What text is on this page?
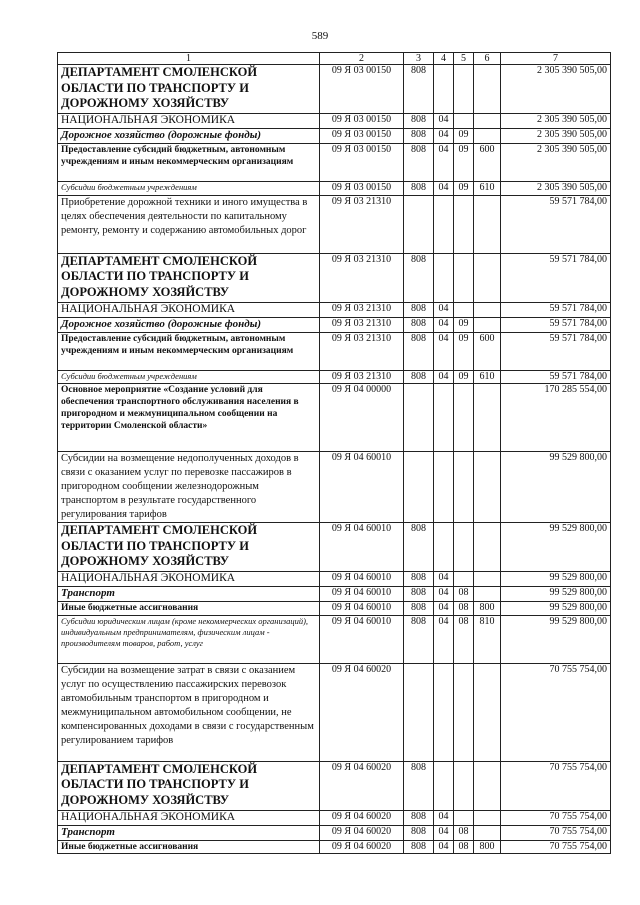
589
1	2	3	4	5	6	7
ДЕПАРТАМЕНТ СМОЛЕНСКОЙ ОБЛАСТИ ПО ТРАНСПОРТУ И ДОРОЖНОМУ ХОЗЯЙСТВУ	09 Я 03 00150	808				2 305 390 505,00
НАЦИОНАЛЬНАЯ ЭКОНОМИКА	09 Я 03 00150	808	04			2 305 390 505,00
Дорожное хозяйство (дорожные фонды)	09 Я 03 00150	808	04	09		2 305 390 505,00
Предоставление субсидий бюджетным, автономным учреждениям и иным некоммерческим организациям	09 Я 03 00150	808	04	09	600	2 305 390 505,00
Субсидии бюджетным учреждениям	09 Я 03 00150	808	04	09	610	2 305 390 505,00
Приобретение дорожной техники и иного имущества в целях обеспечения деятельности по капитальному ремонту, ремонту и содержанию автомобильных дорог	09 Я 03 21310					59 571 784,00
ДЕПАРТАМЕНТ СМОЛЕНСКОЙ ОБЛАСТИ ПО ТРАНСПОРТУ И ДОРОЖНОМУ ХОЗЯЙСТВУ	09 Я 03 21310	808				59 571 784,00
НАЦИОНАЛЬНАЯ ЭКОНОМИКА	09 Я 03 21310	808	04			59 571 784,00
Дорожное хозяйство (дорожные фонды)	09 Я 03 21310	808	04	09		59 571 784,00
Предоставление субсидий бюджетным, автономным учреждениям и иным некоммерческим организациям	09 Я 03 21310	808	04	09	600	59 571 784,00
Субсидии бюджетным учреждениям	09 Я 03 21310	808	04	09	610	59 571 784,00
Основное мероприятие «Создание условий для обеспечения транспортного обслуживания населения в пригородном и межмуниципальном сообщении на территории Смоленской области»	09 Я 04 00000					170 285 554,00
Субсидии на возмещение недополученных доходов в связи с оказанием услуг по перевозке пассажиров в пригородном сообщении железнодорожным транспортом в результате государственного регулирования тарифов	09 Я 04 60010					99 529 800,00
ДЕПАРТАМЕНТ СМОЛЕНСКОЙ ОБЛАСТИ ПО ТРАНСПОРТУ И ДОРОЖНОМУ ХОЗЯЙСТВУ	09 Я 04 60010	808				99 529 800,00
НАЦИОНАЛЬНАЯ ЭКОНОМИКА	09 Я 04 60010	808	04			99 529 800,00
Транспорт	09 Я 04 60010	808	04	08		99 529 800,00
Иные бюджетные ассигнования	09 Я 04 60010	808	04	08	800	99 529 800,00
Субсидии юридическим лицам (кроме некоммерческих организаций), индивидуальным предпринимателям, физическим лицам - производителям товаров, работ, услуг	09 Я 04 60010	808	04	08	810	99 529 800,00
Субсидии на возмещение затрат в связи с оказанием услуг по осуществлению пассажирских перевозок автомобильным транспортом в пригородном и межмуниципальном автомобильном сообщении, не компенсированных доходами в связи с государственным регулированием тарифов	09 Я 04 60020					70 755 754,00
ДЕПАРТАМЕНТ СМОЛЕНСКОЙ ОБЛАСТИ ПО ТРАНСПОРТУ И ДОРОЖНОМУ ХОЗЯЙСТВУ	09 Я 04 60020	808				70 755 754,00
НАЦИОНАЛЬНАЯ ЭКОНОМИКА	09 Я 04 60020	808	04			70 755 754,00
Транспорт	09 Я 04 60020	808	04	08		70 755 754,00
Иные бюджетные ассигнования	09 Я 04 60020	808	04	08	800	70 755 754,00
